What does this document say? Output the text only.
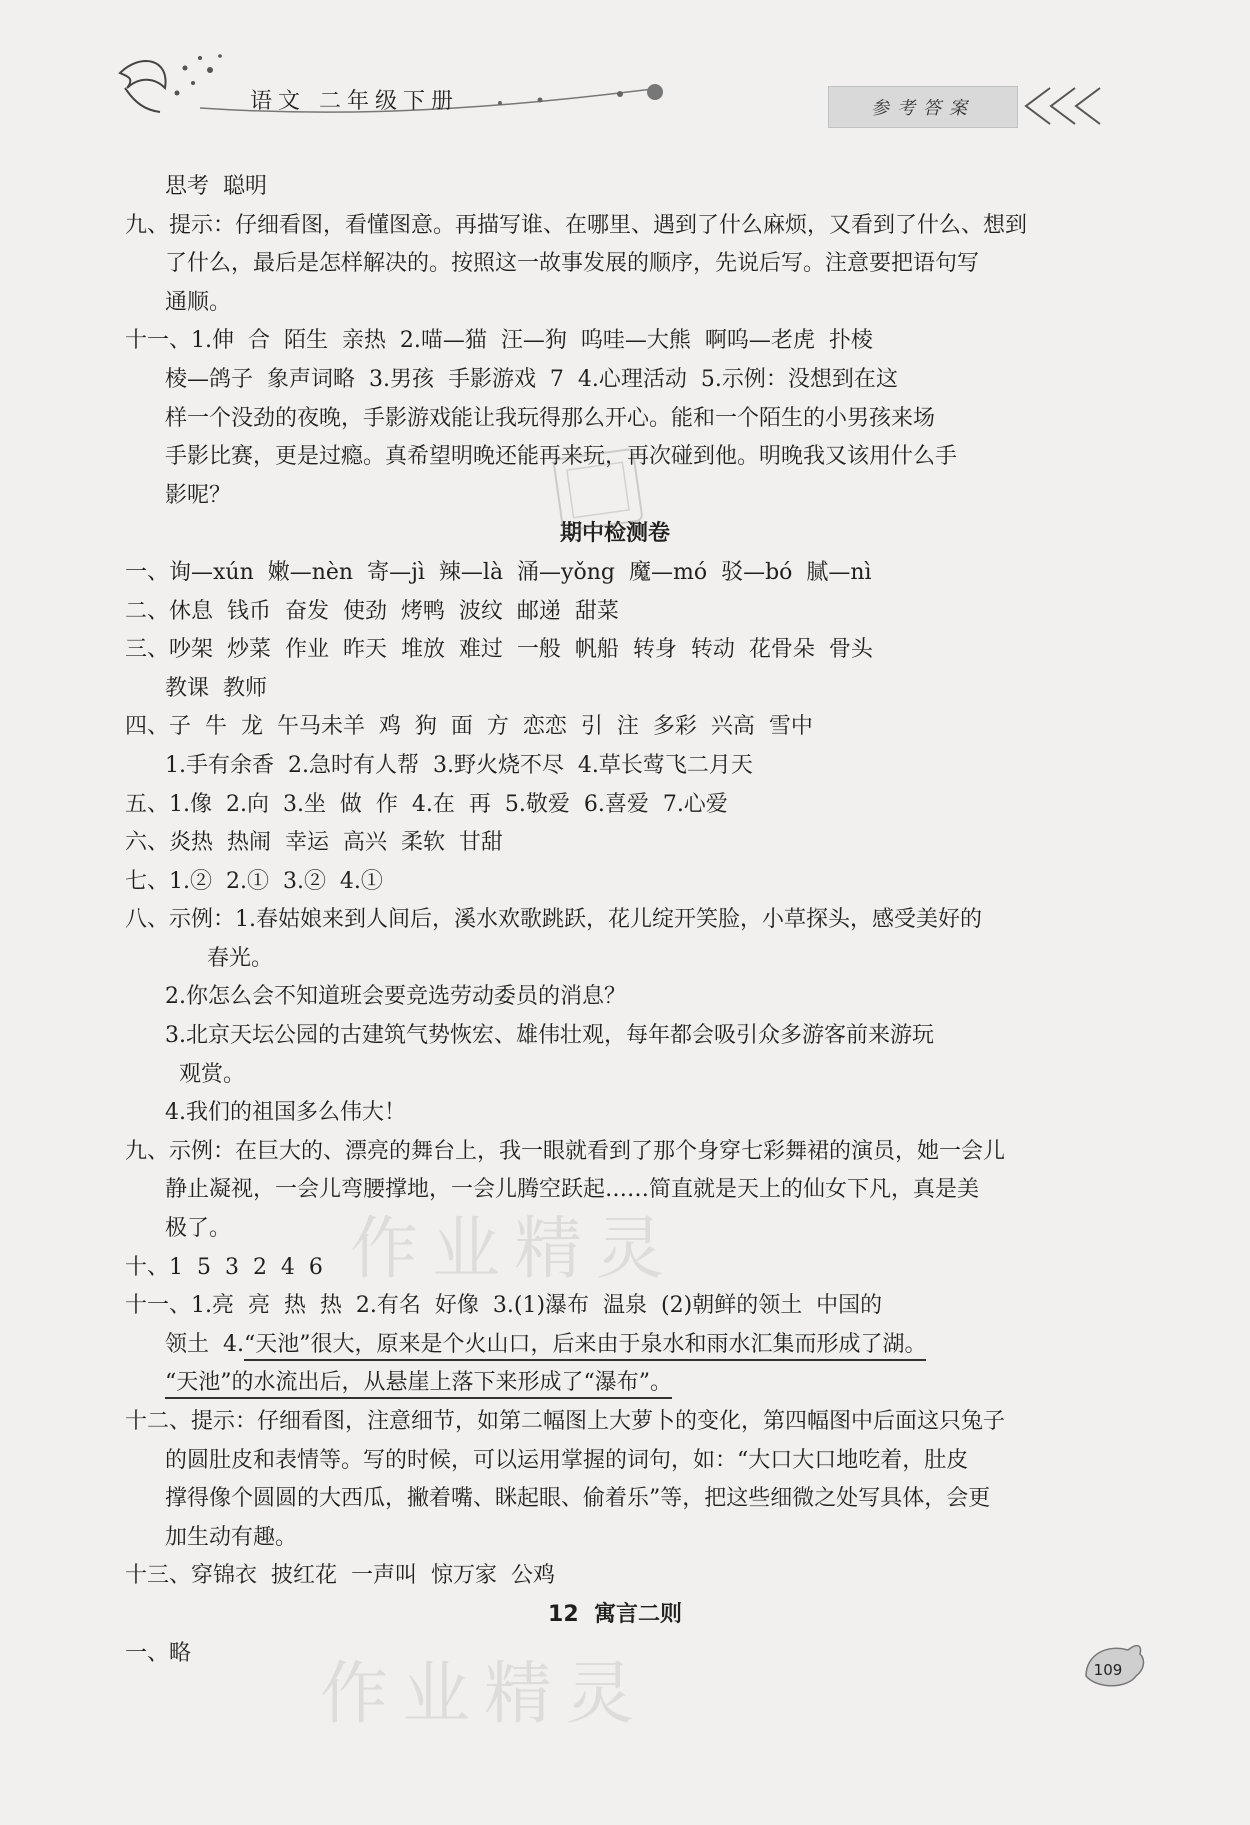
语文 二年级下册	参考答案
思考  聪明
九、提示：仔细看图，看懂图意。再描写谁、在哪里、遇到了什么麻烦，又看到了什么、想到
了什么，最后是怎样解决的。按照这一故事发展的顺序，先说后写。注意要把语句写
通顺。
十一、1.伸  合  陌生  亲热  2.喵—猫  汪—狗  呜哇—大熊  啊呜—老虎  扑棱
棱—鸽子  象声词略  3.男孩  手影游戏  7  4.心理活动  5.示例：没想到在这
样一个没劲的夜晚，手影游戏能让我玩得那么开心。能和一个陌生的小男孩来场
手影比赛，更是过瘾。真希望明晚还能再来玩，再次碰到他。明晚我又该用什么手
影呢？
期中检测卷
一、询—xún  嫩—nèn  寄—jì  辣—là  涌—yǒng  魔—mó  驳—bó  腻—nì
二、休息  钱币  奋发  使劲  烤鸭  波纹  邮递  甜菜
三、吵架  炒菜  作业  昨天  堆放  难过  一般  帆船  转身  转动  花骨朵  骨头
教课  教师
四、子  牛  龙  午马未羊  鸡  狗  面  方  恋恋  引  注  多彩  兴高  雪中
1.手有余香  2.急时有人帮  3.野火烧不尽  4.草长莺飞二月天
五、1.像  2.向  3.坐  做  作  4.在  再  5.敬爱  6.喜爱  7.心爱
六、炎热  热闹  幸运  高兴  柔软  甘甜
七、1.②  2.①  3.②  4.①
八、示例：1.春姑娘来到人间后，溪水欢歌跳跃，花儿绽开笑脸，小草探头，感受美好的
春光。
2.你怎么会不知道班会要竞选劳动委员的消息？
3.北京天坛公园的古建筑气势恢宏、雄伟壮观，每年都会吸引众多游客前来游玩
观赏。
4.我们的祖国多么伟大！
九、示例：在巨大的、漂亮的舞台上，我一眼就看到了那个身穿七彩舞裙的演员，她一会儿
静止凝视，一会儿弯腰撑地，一会儿腾空跃起……简直就是天上的仙女下凡，真是美
极了。
十、1  5  3  2  4  6
十一、1.亮  亮  热  热  2.有名  好像  3.(1)瀑布  温泉  (2)朝鲜的领土  中国的
领土  4.“天池”很大，原来是个火山口，后来由于泉水和雨水汇集而形成了湖。
“天池”的水流出后，从悬崖上落下来形成了“瀑布”。
十二、提示：仔细看图，注意细节，如第二幅图上大萝卜的变化，第四幅图中后面这只兔子
的圆肚皮和表情等。写的时候，可以运用掌握的词句，如：“大口大口地吃着，肚皮
撑得像个圆圆的大西瓜，撇着嘴、眯起眼、偷着乐”等，把这些细微之处写具体，会更
加生动有趣。
十三、穿锦衣  披红花  一声叫  惊万家  公鸡
12  寓言二则
一、略
作业精灵
作业精灵	109
